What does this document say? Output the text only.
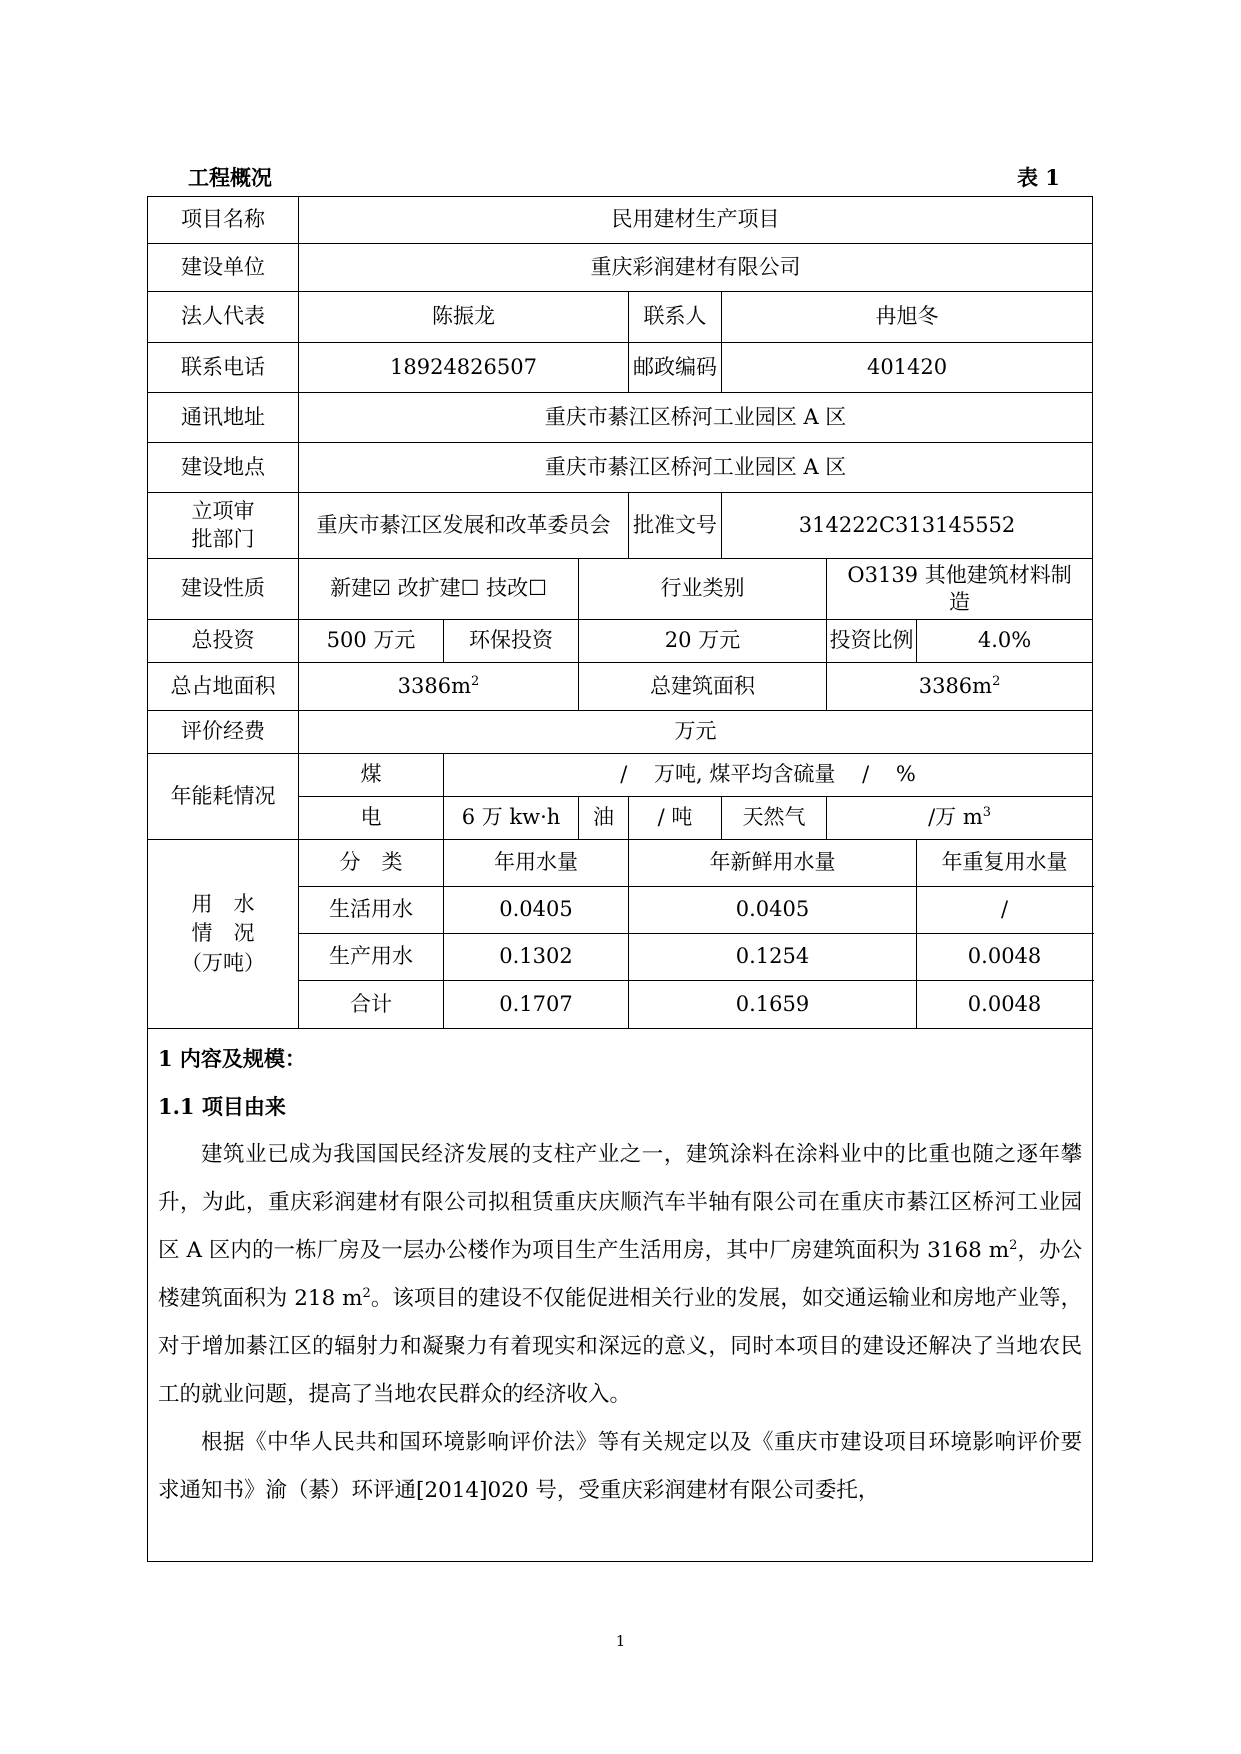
工程概况	表 1
项目名称	民用建材生产项目						
建设单位	重庆彩润建材有限公司						
法人代表	陈振龙			联系人	冉旭冬		
联系电话	18924826507			邮政编码	401420		
通讯地址	重庆市綦江区桥河工业园区 A 区						
建设地点	重庆市綦江区桥河工业园区 A 区						

立项审
批部门	重庆市綦江区发展和改革委员会			批准文号	314222C313145552		
建设性质	新建☑ 改扩建☐ 技改☐		行业类别			O3139 其他建筑材料制
造	

总投资	500 万元	环保投资	20 万元			投资比例	4.0%
总占地面积	$3386m^2$		总建筑面积			$3386m^2$
评价经费	万元						
年能耗情况	煤	/    万吨, 煤平均含硫量    /    %					
	电	6 万 kw·h	油	/ 吨	天然气	/万 $m^3$

用　水
情　况
（万吨）	分　类	年用水量		年新鲜用水量			年重复用水量
	生活用水	0.0405		0.0405			/
	生产用水	0.1302		0.1254			0.0048
	合计	0.1707		0.1659			0.0048

1 内容及规模：
1.1 项目由来

建筑业已成为我国国民经济发展的支柱产业之一，建筑涂料在涂料业中的比重也随之逐年攀升，为此，重庆彩润建材有限公司拟租赁重庆庆顺汽车半轴有限公司在重庆市綦江区桥河工业园区 A 区内的一栋厂房及一层办公楼作为项目生产生活用房，其中厂房建筑面积为 3168 $m^2$，办公楼建筑面积为 218 $m^2$。该项目的建设不仅能促进相关行业的发展，如交通运输业和房地产业等，对于增加綦江区的辐射力和凝聚力有着现实和深远的意义，同时本项目的建设还解决了当地农民工的就业问题，提高了当地农民群众的经济收入。

根据《中华人民共和国环境影响评价法》等有关规定以及《重庆市建设项目环境影响评价要求通知书》渝（綦）环评通[2014]020 号，受重庆彩润建材有限公司委托，							

1
